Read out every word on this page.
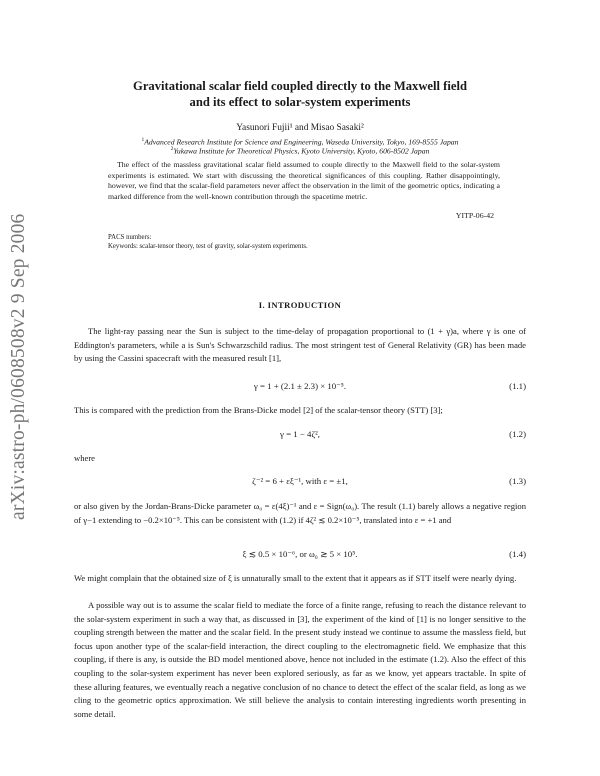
arXiv:astro-ph/0608508v2 9 Sep 2006
Gravitational scalar field coupled directly to the Maxwell field
and its effect to solar-system experiments
Yasunori Fujii¹ and Misao Sasaki²
$^1$Advanced Research Institute for Science and Engineering, Waseda University, Tokyo, 169-8555 Japan
$^2$Yukawa Institute for Theoretical Physics, Kyoto University, Kyoto, 606-8502 Japan

The effect of the massless gravitational scalar field assumed to couple directly to the Maxwell field to the solar-system experiments is estimated. We start with discussing the theoretical significances of this coupling. Rather disappointingly, however, we find that the scalar-field parameters never affect the observation in the limit of the geometric optics, indicating a marked difference from the well-known contribution through the spacetime metric.

YITP-06-42
PACS numbers:
Keywords: scalar-tensor theory, test of gravity, solar-system experiments.
I. INTRODUCTION

The light-ray passing near the Sun is subject to the time-delay of propagation proportional to (1 + γ)a, where γ is one of Eddington's parameters, while a is Sun's Schwarzschild radius. The most stringent test of General Relativity (GR) has been made by using the Cassini spacecraft with the measured result [1],

γ = 1 + (2.1 ± 2.3) × 10⁻⁵.	(1.1)

This is compared with the prediction from the Brans-Dicke model [2] of the scalar-tensor theory (STT) [3];

γ = 1 − 4ζ²,	(1.2)

where

ζ⁻² = 6 + εξ⁻¹, with ε = ±1,	(1.3)

or also given by the Jordan-Brans-Dicke parameter ω₀ = ε(4ξ)⁻¹ and ε = Sign(ω₀). The result (1.1) barely allows a negative region of γ−1 extending to −0.2×10⁻⁵. This can be consistent with (1.2) if 4ζ² ≲ 0.2×10⁻⁵, translated into ε = +1 and

ξ ≲ 0.5 × 10⁻⁶, or ω₀ ≳ 5 × 10⁵.	(1.4)

We might complain that the obtained size of ξ is unnaturally small to the extent that it appears as if STT itself were nearly dying.

A possible way out is to assume the scalar field to mediate the force of a finite range, refusing to reach the distance relevant to the solar-system experiment in such a way that, as discussed in [3], the experiment of the kind of [1] is no longer sensitive to the coupling strength between the matter and the scalar field. In the present study instead we continue to assume the massless field, but focus upon another type of the scalar-field interaction, the direct coupling to the electromagnetic field. We emphasize that this coupling, if there is any, is outside the BD model mentioned above, hence not included in the estimate (1.2). Also the effect of this coupling to the solar-system experiment has never been explored seriously, as far as we know, yet appears tractable. In spite of these alluring features, we eventually reach a negative conclusion of no chance to detect the effect of the scalar field, as long as we cling to the geometric optics approximation. We still believe the analysis to contain interesting ingredients worth presenting in some detail.
